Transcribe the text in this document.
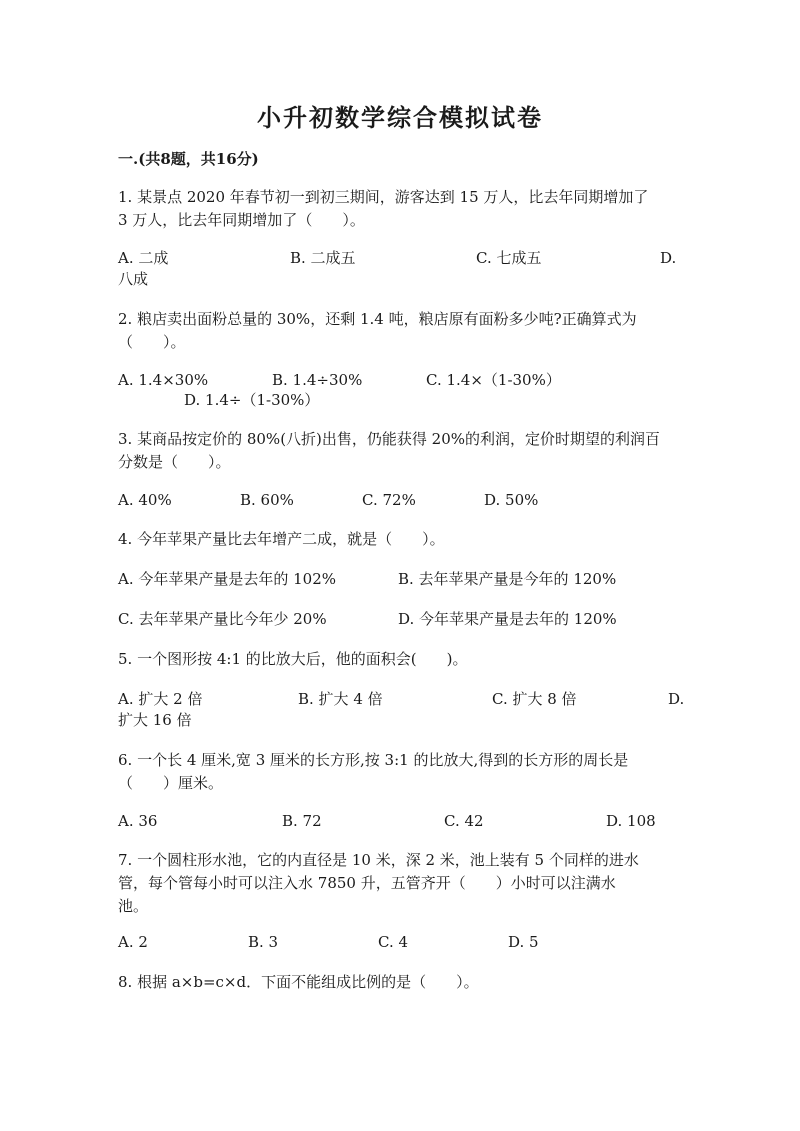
小升初数学综合模拟试卷
一.(共8题，共16分)
1. 某景点 2020 年春节初一到初三期间，游客达到 15 万人，比去年同期增加了
3 万人，比去年同期增加了（　　）。
A. 二成	B. 二成五	C. 七成五	D.
八成
2. 粮店卖出面粉总量的 30%，还剩 1.4 吨，粮店原有面粉多少吨?正确算式为
（　　）。
A. 1.4×30%	B. 1.4÷30%	C. 1.4×（1-30%）
D. 1.4÷（1-30%）
3. 某商品按定价的 80%(八折)出售，仍能获得 20%的利润，定价时期望的利润百
分数是（　　）。
A. 40%	B. 60%	C. 72%	D. 50%
4. 今年苹果产量比去年增产二成，就是（　　）。
A. 今年苹果产量是去年的 102%	B. 去年苹果产量是今年的 120%
C. 去年苹果产量比今年少 20%	D. 今年苹果产量是去年的 120%
5. 一个图形按 4:1 的比放大后，他的面积会(　　)。
A. 扩大 2 倍	B. 扩大 4 倍	C. 扩大 8 倍	D.
扩大 16 倍
6. 一个长 4 厘米,宽 3 厘米的长方形,按 3:1 的比放大,得到的长方形的周长是
（　　）厘米。
A. 36	B. 72	C. 42	D. 108
7. 一个圆柱形水池，它的内直径是 10 米，深 2 米，池上装有 5 个同样的进水
管，每个管每小时可以注入水 7850 升，五管齐开（　　）小时可以注满水
池。
A. 2	B. 3	C. 4	D. 5
8. 根据 a×b=c×d．下面不能组成比例的是（　　）。
